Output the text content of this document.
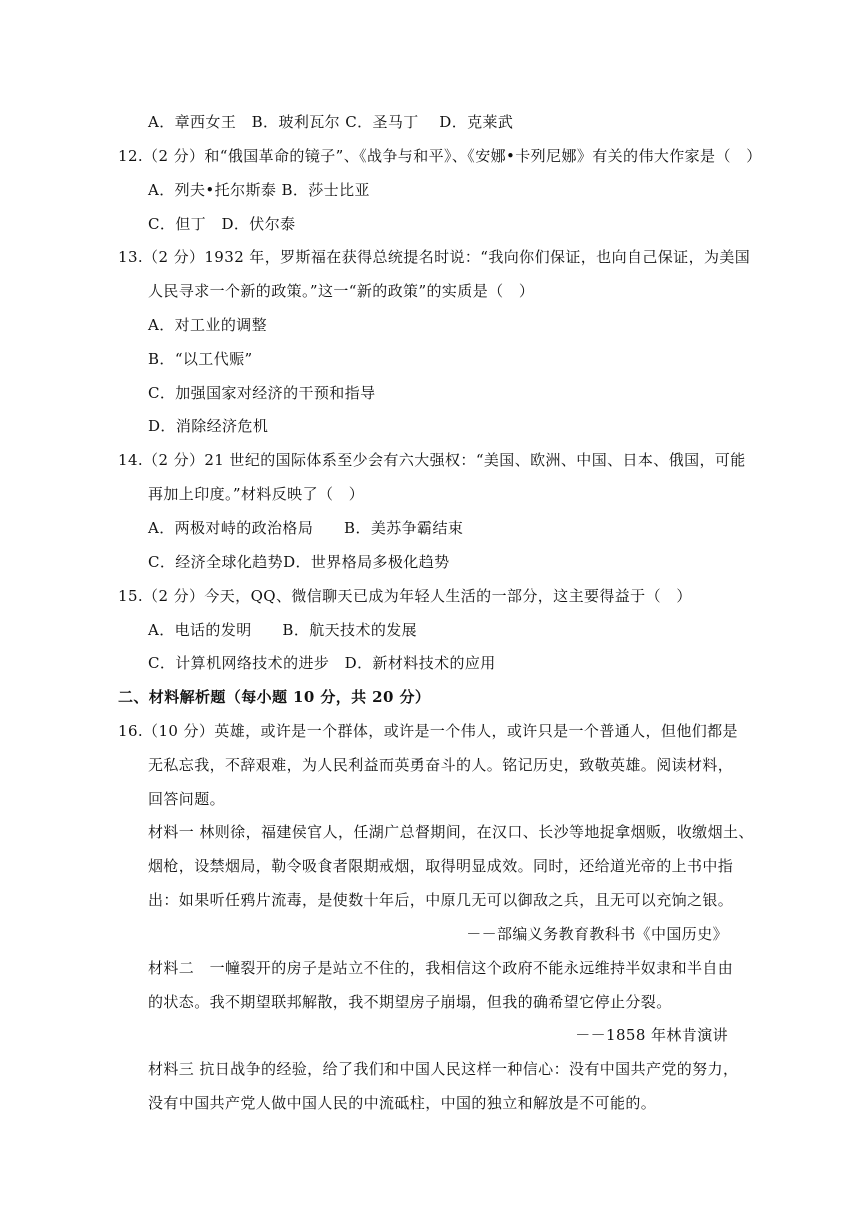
A．章西女王　B．玻利瓦尔 C．圣马丁　 D．克莱武
12.（2 分）和“俄国革命的镜子”、《战争与和平》、《安娜•卡列尼娜》有关的伟大作家是（　）
A．列夫•托尔斯泰 B．莎士比亚
C．但丁　D．伏尔泰
13.（2 分）1932 年，罗斯福在获得总统提名时说：“我向你们保证，也向自己保证，为美国
人民寻求一个新的政策。”这一“新的政策”的实质是（　）
A．对工业的调整
B．“以工代赈”
C．加强国家对经济的干预和指导
D．消除经济危机
14.（2 分）21 世纪的国际体系至少会有六大强权：“美国、欧洲、中国、日本、俄国，可能
再加上印度。”材料反映了（　）
A．两极对峙的政治格局　　B．美苏争霸结束
C．经济全球化趋势D．世界格局多极化趋势
15.（2 分）今天，QQ、微信聊天已成为年轻人生活的一部分，这主要得益于（　）
A．电话的发明　　B．航天技术的发展
C．计算机网络技术的进步　D．新材料技术的应用
二、材料解析题（每小题 10 分，共 20 分）
16.（10 分）英雄，或许是一个群体，或许是一个伟人，或许只是一个普通人，但他们都是
无私忘我，不辞艰难，为人民利益而英勇奋斗的人。铭记历史，致敬英雄。阅读材料，
回答问题。
材料一 林则徐，福建侯官人，任湖广总督期间，在汉口、长沙等地捉拿烟贩，收缴烟土、
烟枪，设禁烟局，勒令吸食者限期戒烟，取得明显成效。同时，还给道光帝的上书中指
出：如果听任鸦片流毒，是使数十年后，中原几无可以御敌之兵，且无可以充饷之银。
－－部编义务教育教科书《中国历史》
材料二　一幢裂开的房子是站立不住的，我相信这个政府不能永远维持半奴隶和半自由
的状态。我不期望联邦解散，我不期望房子崩塌，但我的确希望它停止分裂。
－－1858 年林肯演讲
材料三 抗日战争的经验，给了我们和中国人民这样一种信心：没有中国共产党的努力，
没有中国共产党人做中国人民的中流砥柱，中国的独立和解放是不可能的。
